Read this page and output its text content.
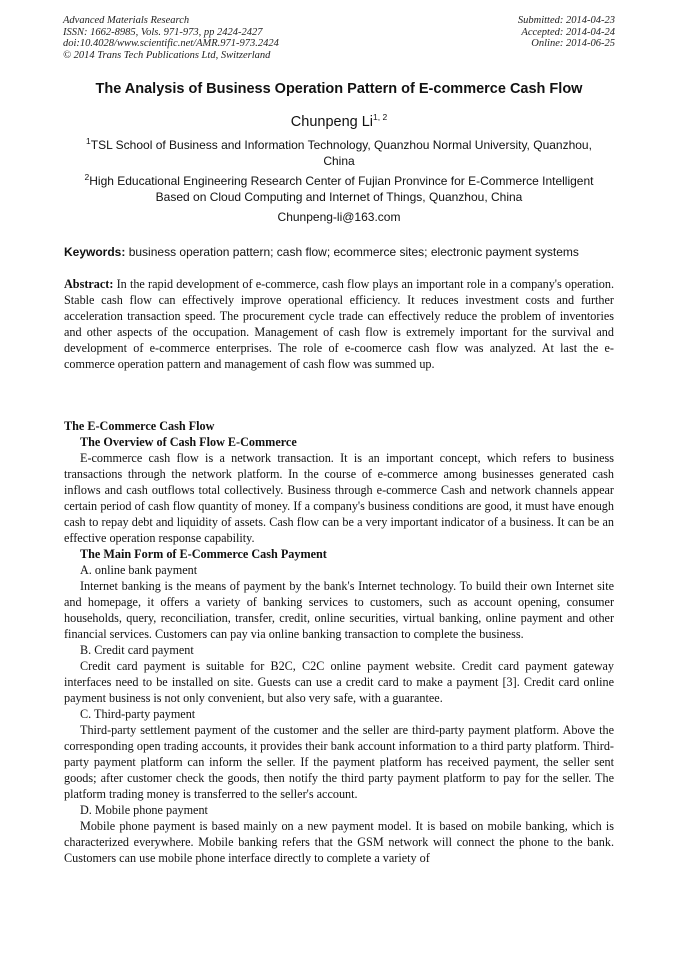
Advanced Materials Research
ISSN: 1662-8985, Vols. 971-973, pp 2424-2427
doi:10.4028/www.scientific.net/AMR.971-973.2424
© 2014 Trans Tech Publications Ltd, Switzerland
Submitted: 2014-04-23
Accepted: 2014-04-24
Online: 2014-06-25
The Analysis of Business Operation Pattern of E-commerce Cash Flow
Chunpeng Li$^{1, 2}$
$^1$TSL School of Business and Information Technology, Quanzhou Normal University, Quanzhou, China
$^2$High Educational Engineering Research Center of Fujian Pronvince for E-Commerce Intelligent Based on Cloud Computing and Internet of Things, Quanzhou, China
Chunpeng-li@163.com
Keywords: business operation pattern; cash flow; ecommerce sites; electronic payment systems

Abstract: In the rapid development of e-commerce, cash flow plays an important role in a company's operation. Stable cash flow can effectively improve operational efficiency. It reduces investment costs and further acceleration transaction speed. The procurement cycle trade can effectively reduce the problem of inventories and other aspects of the occupation. Management of cash flow is extremely important for the survival and development of e-commerce enterprises. The role of e-coomerce cash flow was analyzed. At last the e-commerce operation pattern and management of cash flow was summed up.

The E-Commerce Cash Flow

The Overview of Cash Flow E-Commerce

E-commerce cash flow is a network transaction. It is an important concept, which refers to business transactions through the network platform. In the course of e-commerce among businesses generated cash inflows and cash outflows total collectively. Business through e-commerce Cash and network channels appear certain period of cash flow quantity of money. If a company's business conditions are good, it must have enough cash to repay debt and liquidity of assets. Cash flow can be a very important indicator of a business. It can be an effective operation response capability.

The Main Form of E-Commerce Cash Payment

A. online bank payment

Internet banking is the means of payment by the bank's Internet technology. To build their own Internet site and homepage, it offers a variety of banking services to customers, such as account opening, consumer households, query, reconciliation, transfer, credit, online securities, virtual banking, online payment and other financial services. Customers can pay via online banking transaction to complete the business.

B. Credit card payment

Credit card payment is suitable for B2C, C2C online payment website. Credit card payment gateway interfaces need to be installed on site. Guests can use a credit card to make a payment [3]. Credit card online payment business is not only convenient, but also very safe, with a guarantee.

C. Third-party payment

Third-party settlement payment of the customer and the seller are third-party payment platform. Above the corresponding open trading accounts, it provides their bank account information to a third party platform. Third-party payment platform can inform the seller. If the payment platform has received payment, the seller sent goods; after customer check the goods, then notify the third party payment platform to pay for the seller. The platform trading money is transferred to the seller's account.

D. Mobile phone payment

Mobile phone payment is based mainly on a new payment model. It is based on mobile banking, which is characterized everywhere. Mobile banking refers that the GSM network will connect the phone to the bank. Customers can use mobile phone interface directly to complete a variety of
